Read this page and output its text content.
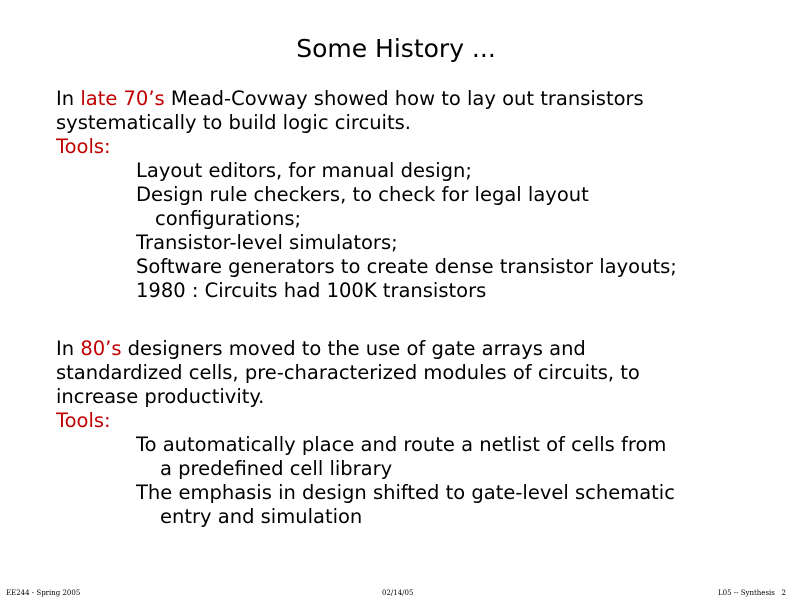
Some History ...
In late 70’s Mead-Covway showed how to lay out transistors
systematically to build logic circuits.
Tools:
Layout editors, for manual design;
Design rule checkers, to check for legal layout
configurations;
Transistor-level simulators;
Software generators to create dense transistor layouts;
1980 : Circuits had 100K transistors
In 80’s designers moved to the use of gate arrays and
standardized cells, pre-characterized modules of circuits, to
increase productivity.
Tools:
To automatically place and route a netlist of cells from
a predefined cell library
The emphasis in design shifted to gate-level schematic
entry and simulation
EE244 - Spring 2005	02/14/05	L05 -- Synthesis   2
